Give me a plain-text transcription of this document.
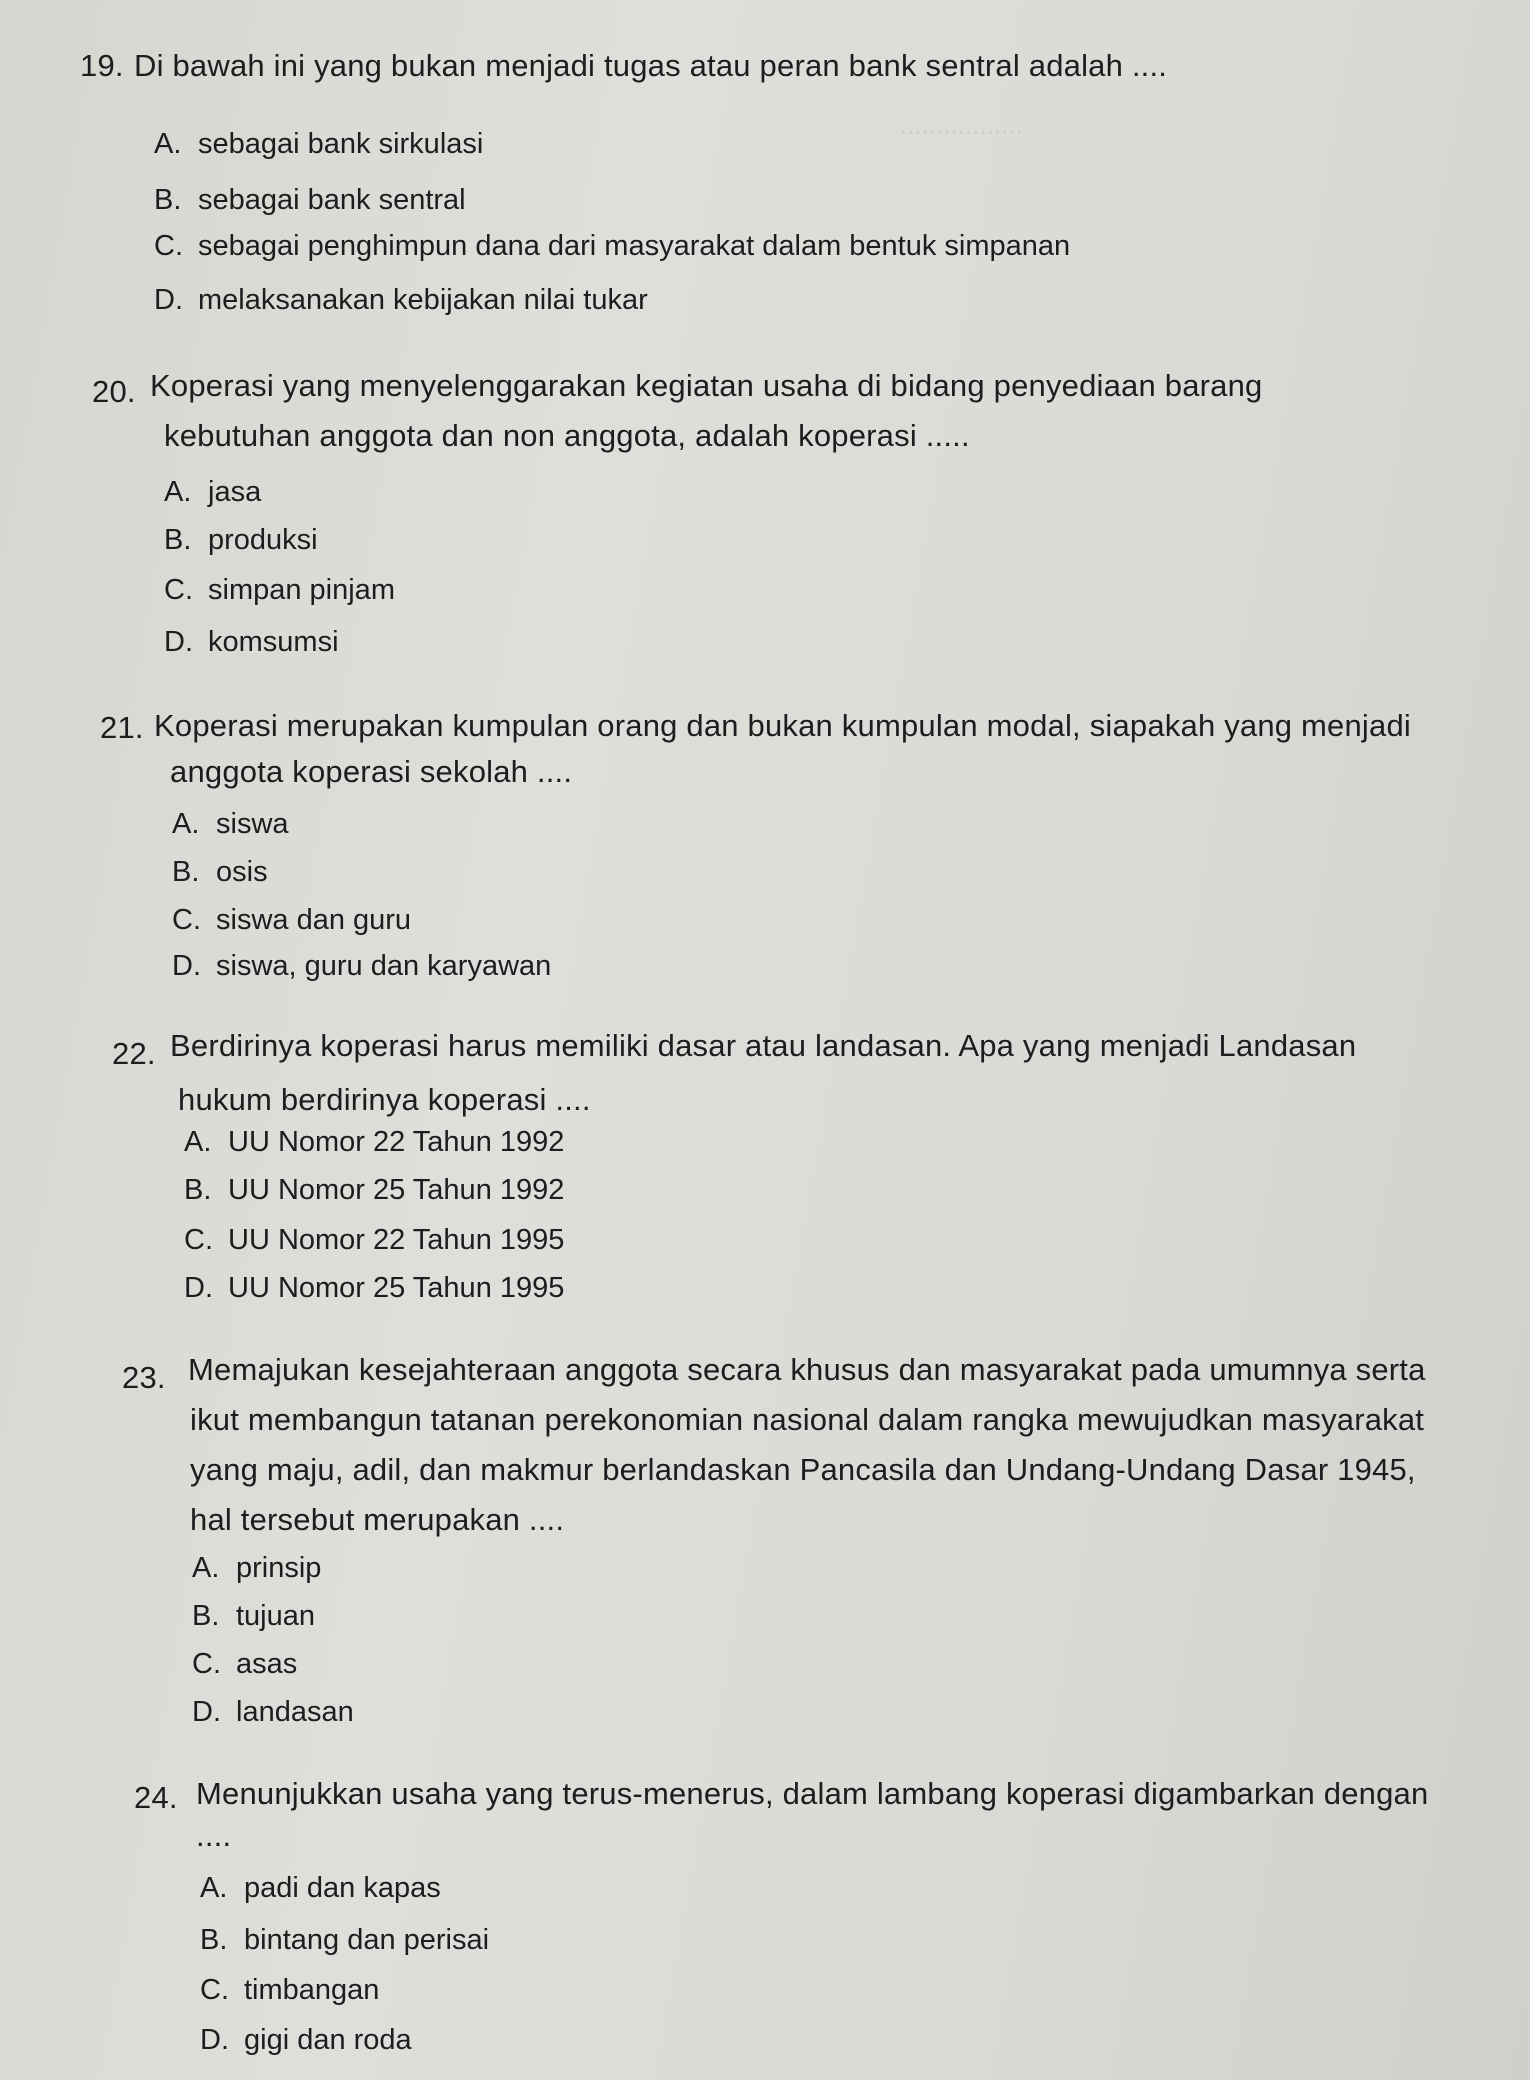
.................
19. Di bawah ini yang bukan menjadi tugas atau peran bank sentral adalah ....
A. sebagai bank sirkulasi
B. sebagai bank sentral
C. sebagai penghimpun dana dari masyarakat dalam bentuk simpanan
D. melaksanakan kebijakan nilai tukar
20. Koperasi yang menyelenggarakan kegiatan usaha di bidang penyediaan barang
kebutuhan anggota dan non anggota, adalah koperasi .....
A. jasa
B. produksi
C. simpan pinjam
D. komsumsi
21. Koperasi merupakan kumpulan orang dan bukan kumpulan modal, siapakah yang menjadi
anggota koperasi sekolah ....
A. siswa
B. osis
C. siswa dan guru
D. siswa, guru dan karyawan
22. Berdirinya koperasi harus memiliki dasar atau landasan. Apa yang menjadi Landasan
hukum berdirinya koperasi ....
A. UU Nomor 22 Tahun 1992
B. UU Nomor 25 Tahun 1992
C. UU Nomor 22 Tahun 1995
D. UU Nomor 25 Tahun 1995
23. Memajukan kesejahteraan anggota secara khusus dan masyarakat pada umumnya serta
ikut membangun tatanan perekonomian nasional dalam rangka mewujudkan masyarakat
yang maju, adil, dan makmur berlandaskan Pancasila dan Undang-Undang Dasar 1945,
hal tersebut merupakan ....
A. prinsip
B. tujuan
C. asas
D. landasan
24. Menunjukkan usaha yang terus-menerus, dalam lambang koperasi digambarkan dengan
....
A. padi dan kapas
B. bintang dan perisai
C. timbangan
D. gigi dan roda
